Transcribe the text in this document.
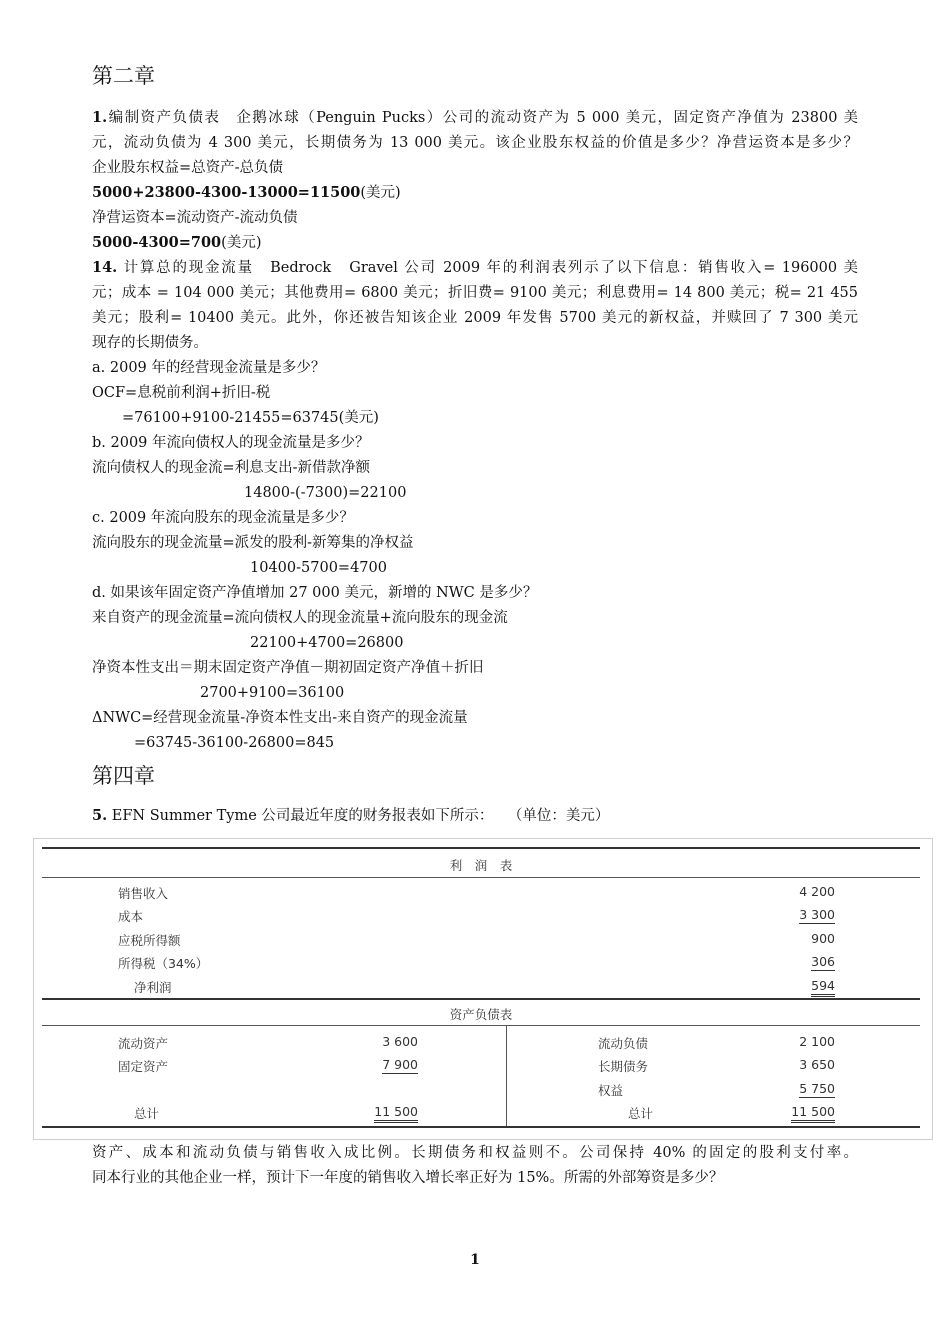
第二章
1.编制资产负债表　企鹅冰球（Penguin Pucks）公司的流动资产为 5 000 美元，固定资产净值为 23800 美
元，流动负债为 4 300 美元，长期债务为 13 000 美元。该企业股东权益的价值是多少？净营运资本是多少？
企业股东权益=总资产-总负债
5000+23800-4300-13000=11500(美元)
净营运资本=流动资产-流动负债
5000-4300=700(美元)
14. 计算总的现金流量　Bedrock　Gravel 公司 2009 年的利润表列示了以下信息：销售收入= 196000 美
元；成本 = 104 000 美元；其他费用= 6800 美元；折旧费= 9100 美元；利息费用= 14 800 美元；税= 21 455
美元；股利= 10400 美元。此外，你还被告知该企业 2009 年发售 5700 美元的新权益，并赎回了 7 300 美元
现存的长期债务。
a. 2009 年的经营现金流量是多少？
OCF=息税前利润+折旧-税
=76100+9100-21455=63745(美元)
b. 2009 年流向债权人的现金流量是多少？
流向债权人的现金流=利息支出-新借款净额
14800-(-7300)=22100
c. 2009 年流向股东的现金流量是多少？
流向股东的现金流量=派发的股利-新筹集的净权益
10400-5700=4700
d. 如果该年固定资产净值增加 27 000 美元，新增的 NWC 是多少？
来自资产的现金流量=流向债权人的现金流量+流向股东的现金流
22100+4700=26800
净资本性支出＝期末固定资产净值－期初固定资产净值＋折旧
2700+9100=36100
ΔNWC=经营现金流量-净资本性支出-来自资产的现金流量
=63745-36100-26800=845
第四章
5. EFN Summer Tyme 公司最近年度的财务报表如下所示：　　（单位：美元）
利　润　表
销售收入	4 200
成本	3 300
应税所得额	900
所得税（34%）	306
净利润	594
资产负债表
流动资产	3 600
固定资产	7 900
总计	11 500
流动负债	2 100
长期债务	3 650
权益	5 750
总计	11 500
资产、成本和流动负债与销售收入成比例。长期债务和权益则不。公司保持 40% 的固定的股利支付率。
同本行业的其他企业一样，预计下一年度的销售收入增长率正好为 15%。所需的外部筹资是多少？
1
